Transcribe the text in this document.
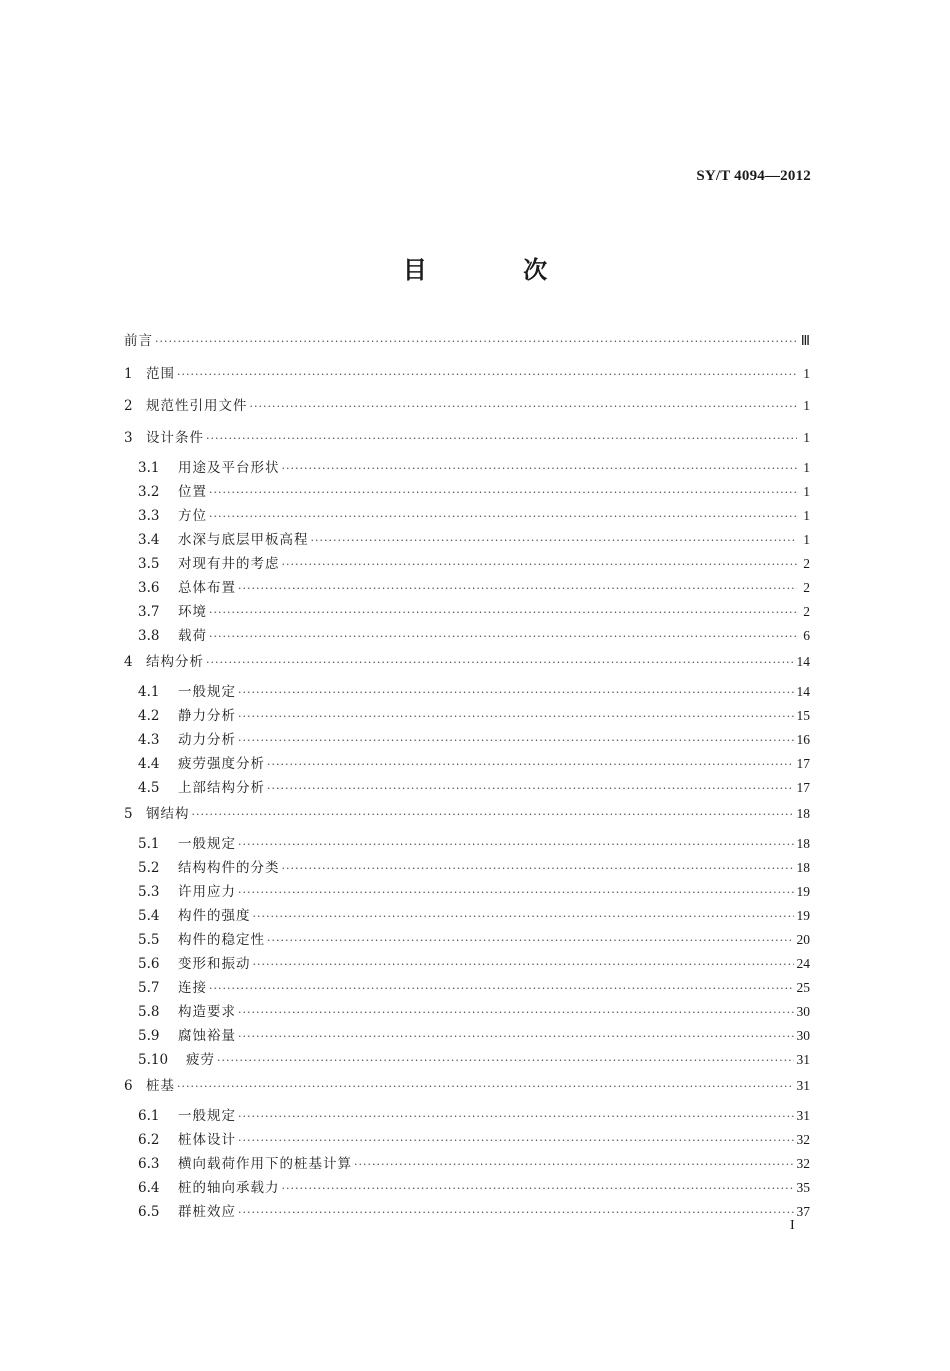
SY/T 4094—2012
目 次
前言 ·····	Ⅲ
1 范围 ·····	1
2 规范性引用文件 ·····	1
3 设计条件 ·····	1
3.1	用途及平台形状 ·····	1
3.2	位置 ·····	1
3.3	方位 ·····	1
3.4	水深与底层甲板高程 ·····	1
3.5	对现有井的考虑 ·····	2
3.6	总体布置 ·····	2
3.7	环境 ·····	2
3.8	载荷 ·····	6
4 结构分析 ·····	14
4.1	一般规定 ·····	14
4.2	静力分析 ·····	15
4.3	动力分析 ·····	16
4.4	疲劳强度分析 ·····	17
4.5	上部结构分析 ·····	17
5 钢结构 ·····	18
5.1	一般规定 ·····	18
5.2	结构构件的分类 ·····	18
5.3	许用应力 ·····	19
5.4	构件的强度 ·····	19
5.5	构件的稳定性 ·····	20
5.6	变形和振动 ·····	24
5.7	连接 ·····	25
5.8	构造要求 ·····	30
5.9	腐蚀裕量 ·····	30
5.10	疲劳 ·····	31
6 桩基 ·····	31
6.1	一般规定 ·····	31
6.2	桩体设计 ·····	32
6.3	横向载荷作用下的桩基计算 ·····	32
6.4	桩的轴向承载力 ·····	35
6.5	群桩效应 ·····	37
I
